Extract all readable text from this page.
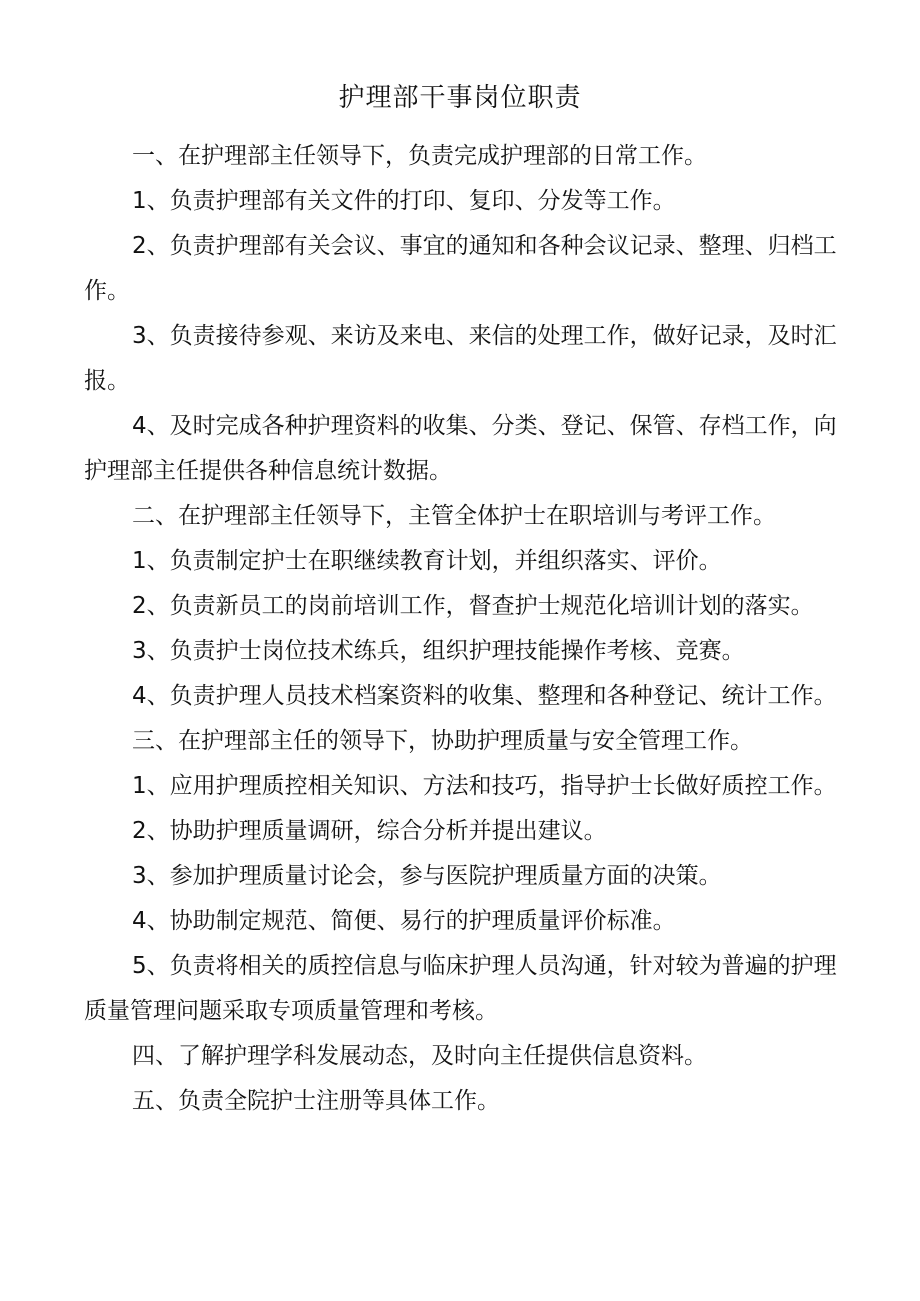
护理部干事岗位职责

一、在护理部主任领导下，负责完成护理部的日常工作。

1、负责护理部有关文件的打印、复印、分发等工作。

2、负责护理部有关会议、事宜的通知和各种会议记录、整理、归档工作。

3、负责接待参观、来访及来电、来信的处理工作，做好记录，及时汇报。

4、及时完成各种护理资料的收集、分类、登记、保管、存档工作，向护理部主任提供各种信息统计数据。

二、在护理部主任领导下，主管全体护士在职培训与考评工作。

1、负责制定护士在职继续教育计划，并组织落实、评价。

2、负责新员工的岗前培训工作，督查护士规范化培训计划的落实。

3、负责护士岗位技术练兵，组织护理技能操作考核、竞赛。

4、负责护理人员技术档案资料的收集、整理和各种登记、统计工作。

三、在护理部主任的领导下，协助护理质量与安全管理工作。

1、应用护理质控相关知识、方法和技巧，指导护士长做好质控工作。

2、协助护理质量调研，综合分析并提出建议。

3、参加护理质量讨论会，参与医院护理质量方面的决策。

4、协助制定规范、简便、易行的护理质量评价标准。

5、负责将相关的质控信息与临床护理人员沟通，针对较为普遍的护理质量管理问题采取专项质量管理和考核。

四、了解护理学科发展动态，及时向主任提供信息资料。

五、负责全院护士注册等具体工作。
